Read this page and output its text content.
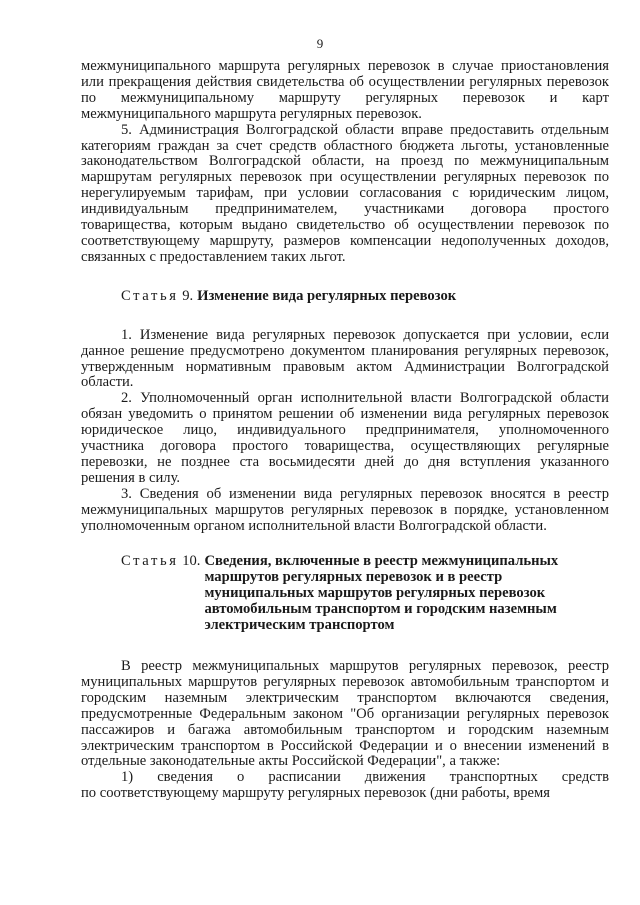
9

межмуниципального маршрута регулярных перевозок в случае приостановления или прекращения действия свидетельства об осуществлении регулярных перевозок по межмуниципальному маршруту регулярных перевозок и карт межмуниципального маршрута регулярных перевозок.

5. Администрация Волгоградской области вправе предоставить отдельным категориям граждан за счет средств областного бюджета льготы, установленные законодательством Волгоградской области, на проезд по межмуниципальным маршрутам регулярных перевозок при осуществлении регулярных перевозок по нерегулируемым тарифам, при условии согласования с юридическим лицом, индивидуальным предпринимателем, участниками договора простого товарищества, которым выдано свидетельство об осуществлении перевозок по соответствующему маршруту, размеров компенсации недополученных доходов, связанных с предоставлением таких льгот.

Статья 9. Изменение вида регулярных перевозок

1. Изменение вида регулярных перевозок допускается при условии, если данное решение предусмотрено документом планирования регулярных перевозок, утвержденным нормативным правовым актом Администрации Волгоградской области.

2. Уполномоченный орган исполнительной власти Волгоградской области обязан уведомить о принятом решении об изменении вида регулярных перевозок юридическое лицо, индивидуального предпринимателя, уполномоченного участника договора простого товарищества, осуществляющих регулярные перевозки, не позднее ста восьмидесяти дней до дня вступления указанного решения в силу.

3. Сведения об изменении вида регулярных перевозок вносятся в реестр межмуниципальных маршрутов регулярных перевозок в порядке, установленном уполномоченным органом исполнительной власти Волгоградской области.

Статья 10. Сведения, включенные в реестр межмуниципальных маршрутов регулярных перевозок и в реестр муниципальных маршрутов регулярных перевозок автомобильным транспортом и городским наземным электрическим транспортом

В реестр межмуниципальных маршрутов регулярных перевозок, реестр муниципальных маршрутов регулярных перевозок автомобильным транспортом и городским наземным электрическим транспортом включаются сведения, предусмотренные Федеральным законом "Об организации регулярных перевозок пассажиров и багажа автомобильным транспортом и городским наземным электрическим транспортом в Российской Федерации и о внесении изменений в отдельные законодательные акты Российской Федерации", а также:

1) сведения о расписании движения транспортных средств

по соответствующему маршруту регулярных перевозок (дни работы, время
